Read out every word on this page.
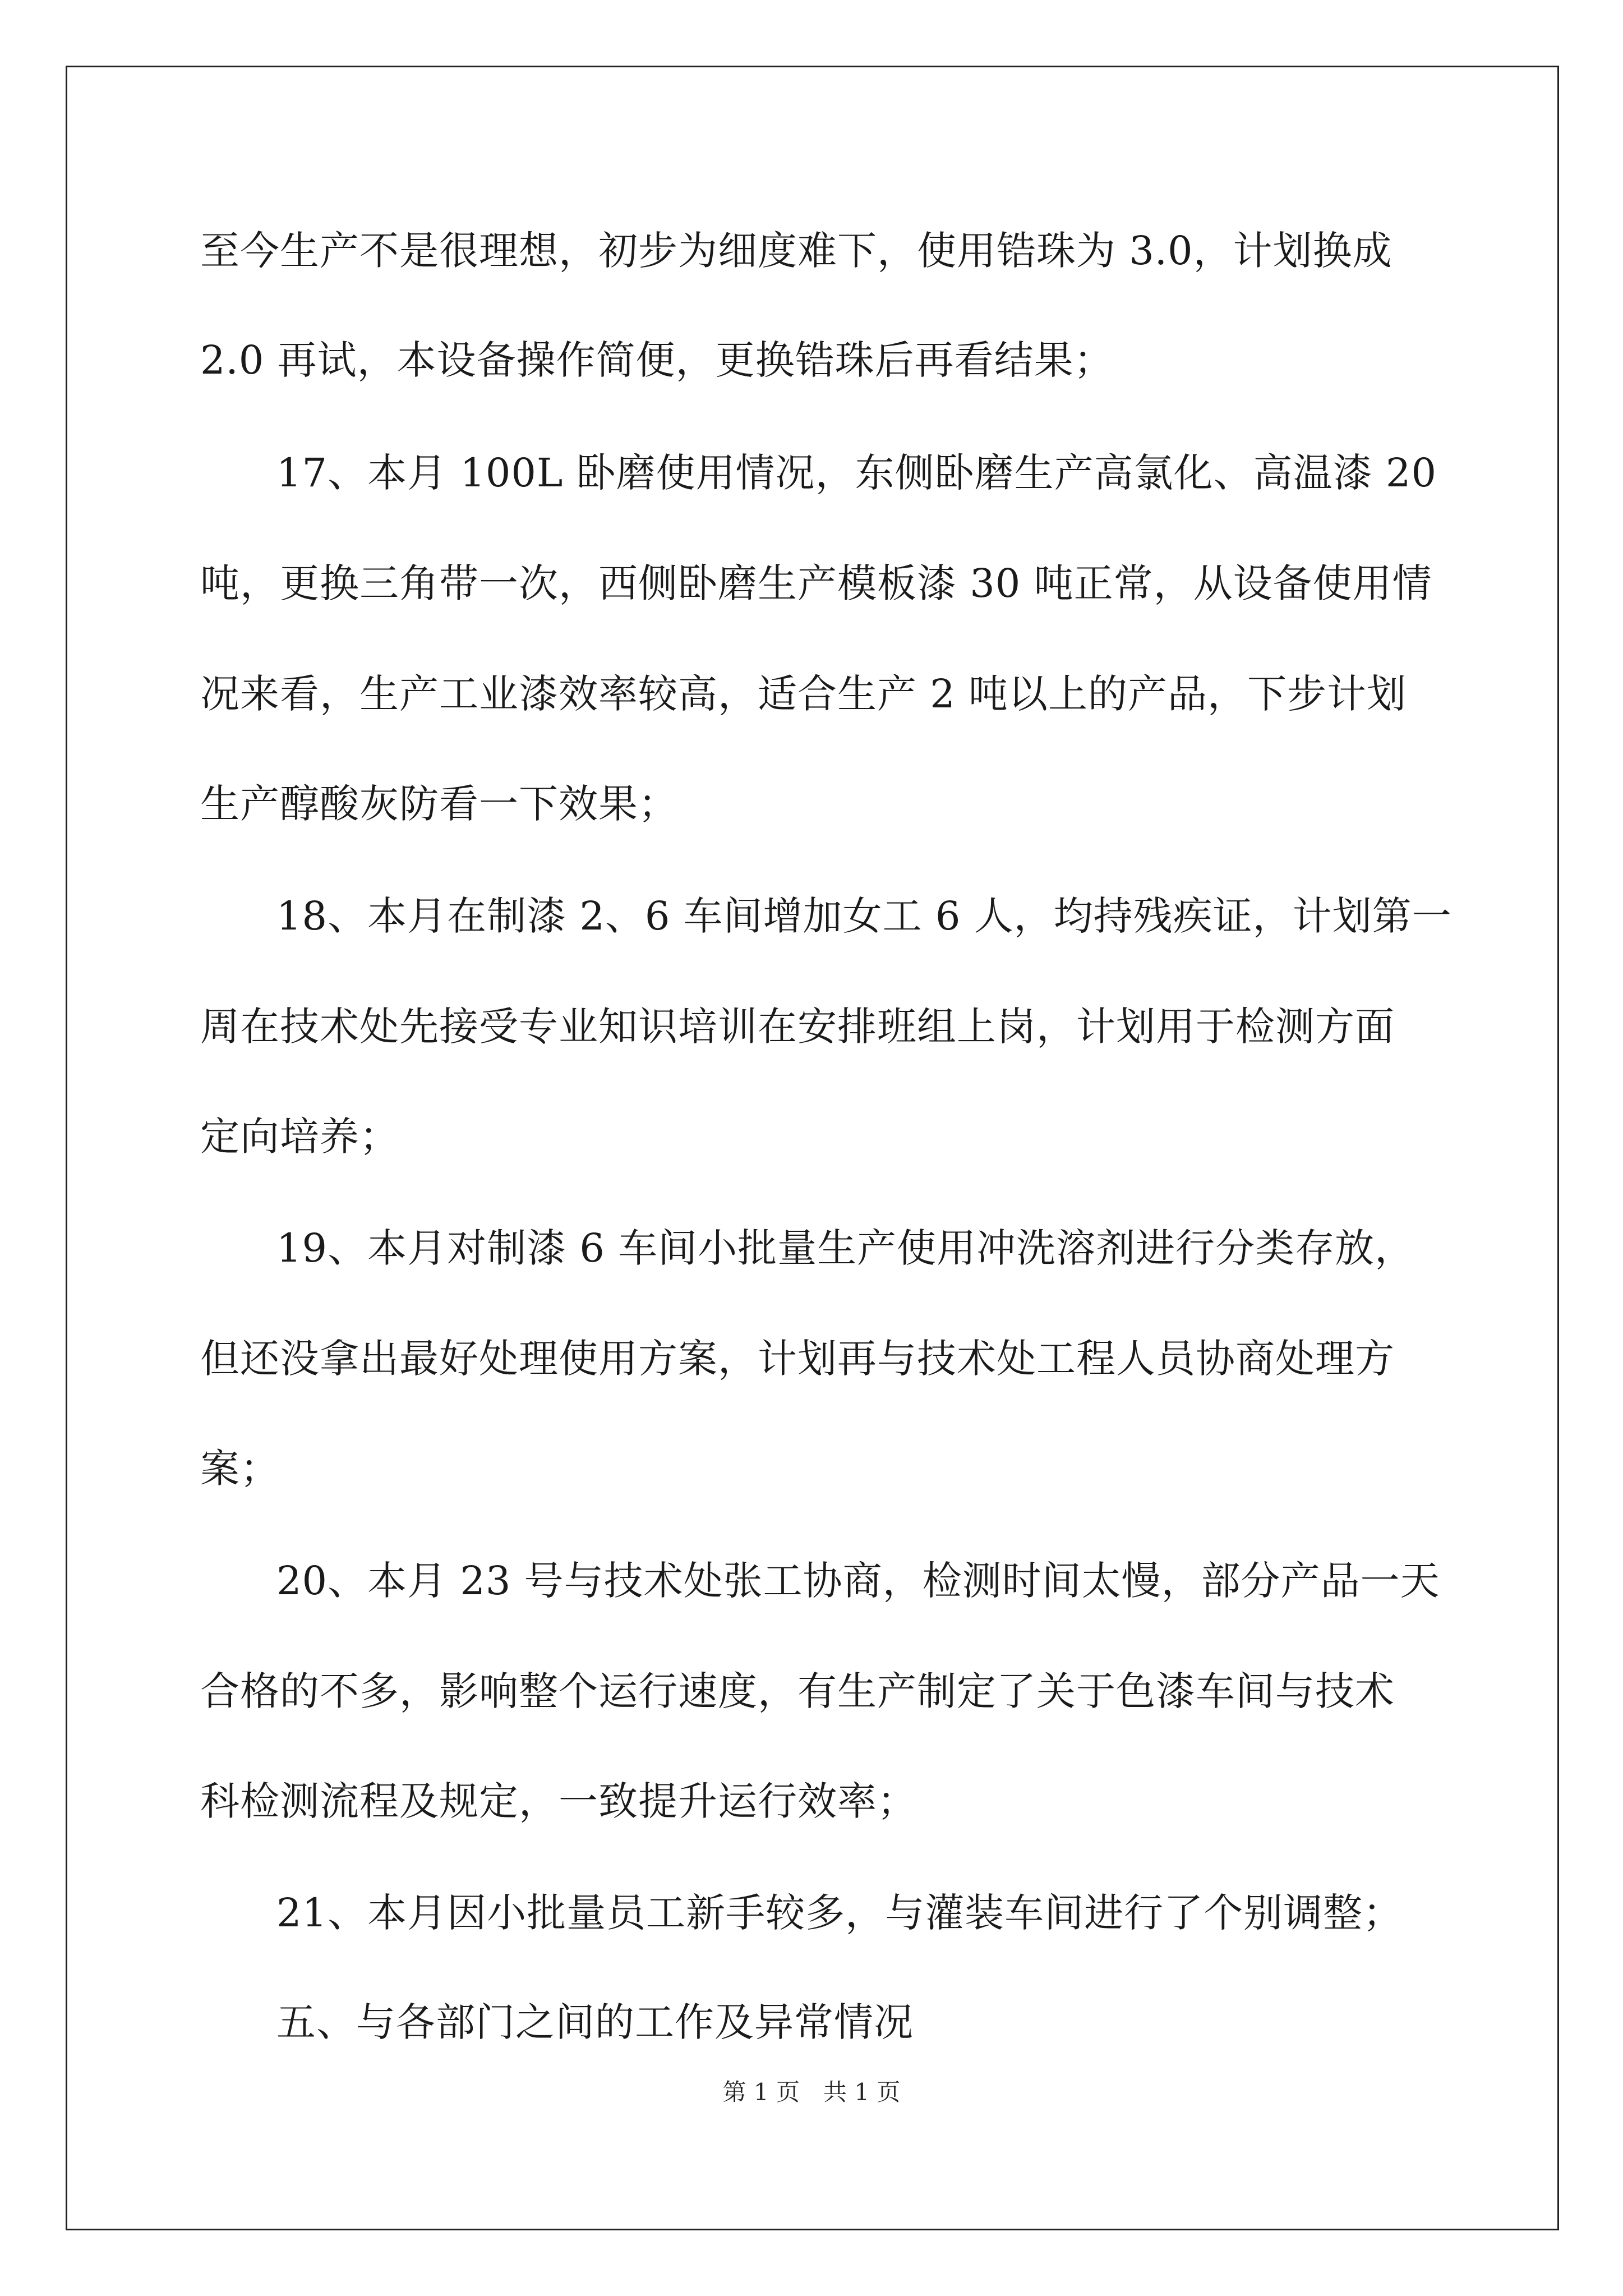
至今生产不是很理想，初步为细度难下，使用锆珠为 3.0，计划换成
2.0 再试，本设备操作简便，更换锆珠后再看结果；
17、本月 100L 卧磨使用情况，东侧卧磨生产高氯化、高温漆 20
吨，更换三角带一次，西侧卧磨生产模板漆 30 吨正常，从设备使用情
况来看，生产工业漆效率较高，适合生产 2 吨以上的产品，下步计划
生产醇酸灰防看一下效果；
18、本月在制漆 2、6 车间增加女工 6 人，均持残疾证，计划第一
周在技术处先接受专业知识培训在安排班组上岗，计划用于检测方面
定向培养；
19、本月对制漆 6 车间小批量生产使用冲洗溶剂进行分类存放，
但还没拿出最好处理使用方案，计划再与技术处工程人员协商处理方
案；
20、本月 23 号与技术处张工协商，检测时间太慢，部分产品一天
合格的不多，影响整个运行速度，有生产制定了关于色漆车间与技术
科检测流程及规定，一致提升运行效率；
21、本月因小批量员工新手较多，与灌装车间进行了个别调整；
五、与各部门之间的工作及异常情况
第 1 页　共 1 页
